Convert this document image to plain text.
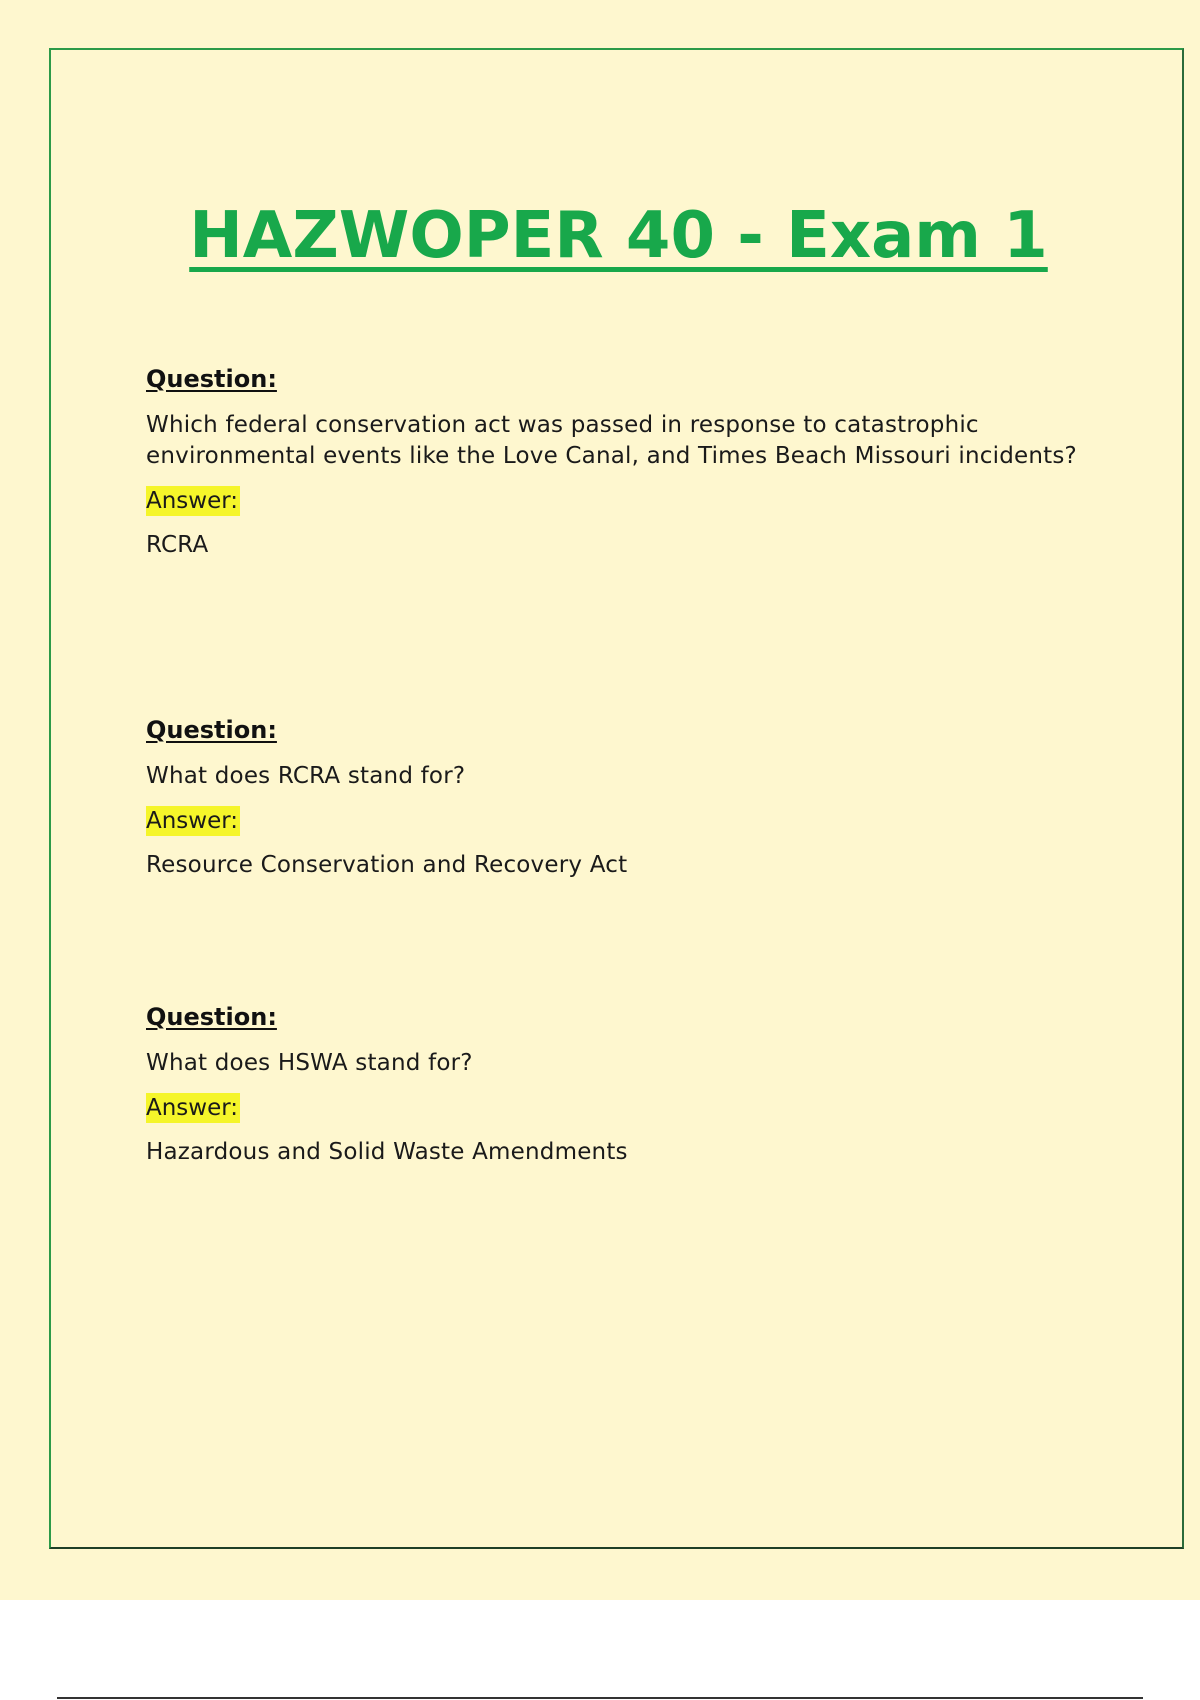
HAZWOPER 40 - Exam 1

Question:

Which federal conservation act was passed in response to catastrophic environmental events like the Love Canal, and Times Beach Missouri incidents?

Answer:

RCRA

Question:

What does RCRA stand for?

Answer:

Resource Conservation and Recovery Act

Question:

What does HSWA stand for?

Answer:

Hazardous and Solid Waste Amendments
